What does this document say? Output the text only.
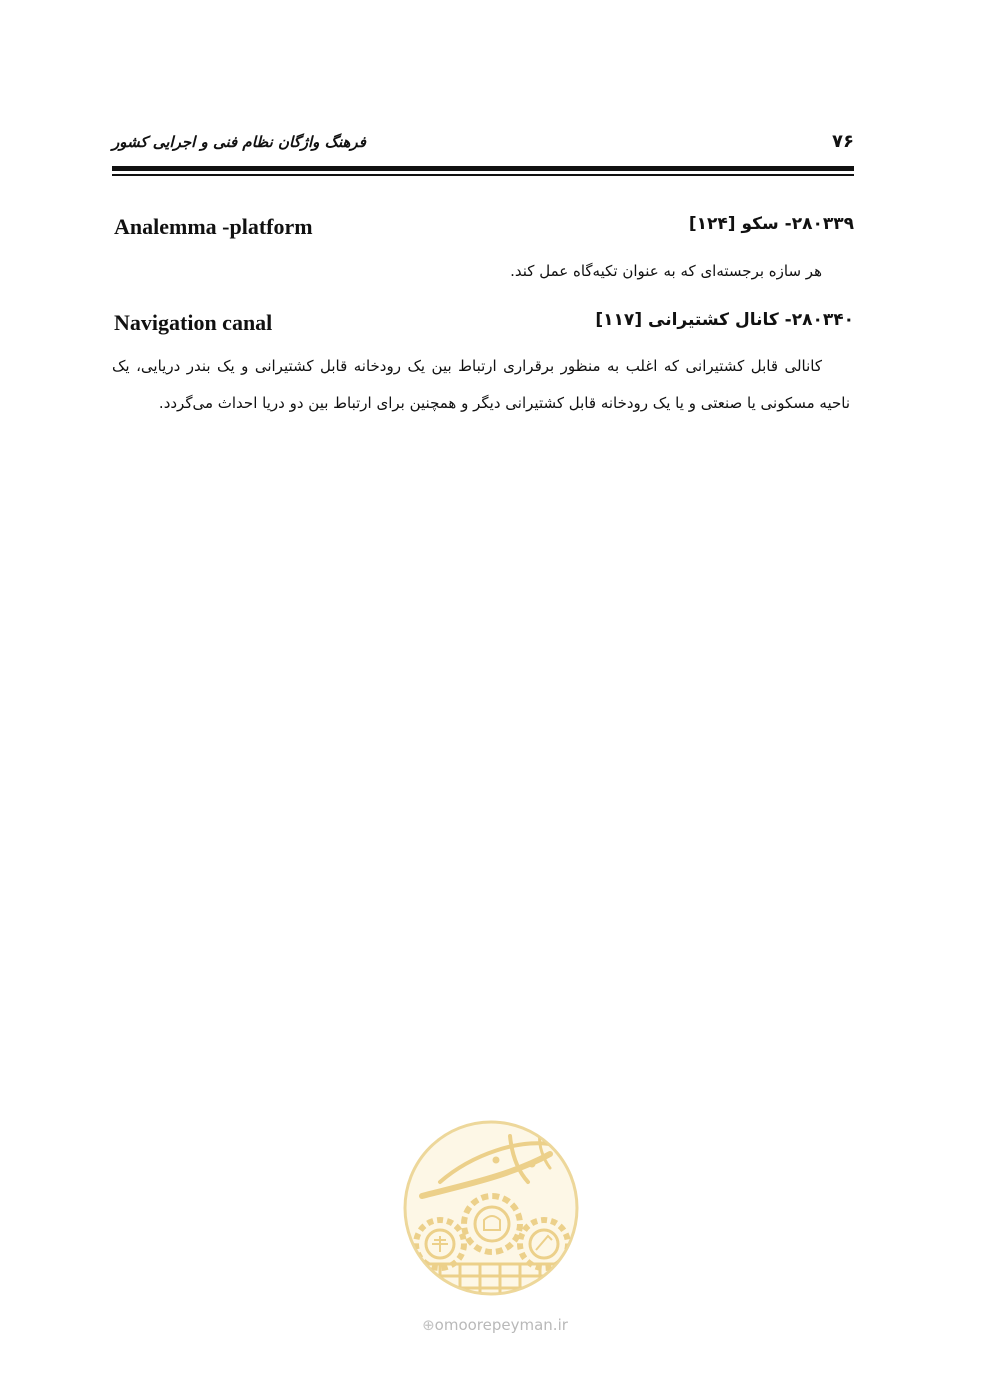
۷۶
فرهنگ واژگان نظام فنی و اجرایی کشور
۲۸۰۳۳۹- سکو [۱۲۴]
Analemma -platform
هر سازه برجسته‌ای که به عنوان تکیه‌گاه عمل کند.
۲۸۰۳۴۰- کانال کشتیرانی [۱۱۷]
Navigation canal
کانالی قابل کشتیرانی که اغلب به منظور برقراری ارتباط بین یک رودخانه قابل کشتیرانی و یک بندر دریایی، یک ناحیه مسکونی یا صنعتی و یا یک رودخانه قابل کشتیرانی دیگر و همچنین برای ارتباط بین دو دریا احداث می‌گردد.
⊕omoorepeyman.ir
